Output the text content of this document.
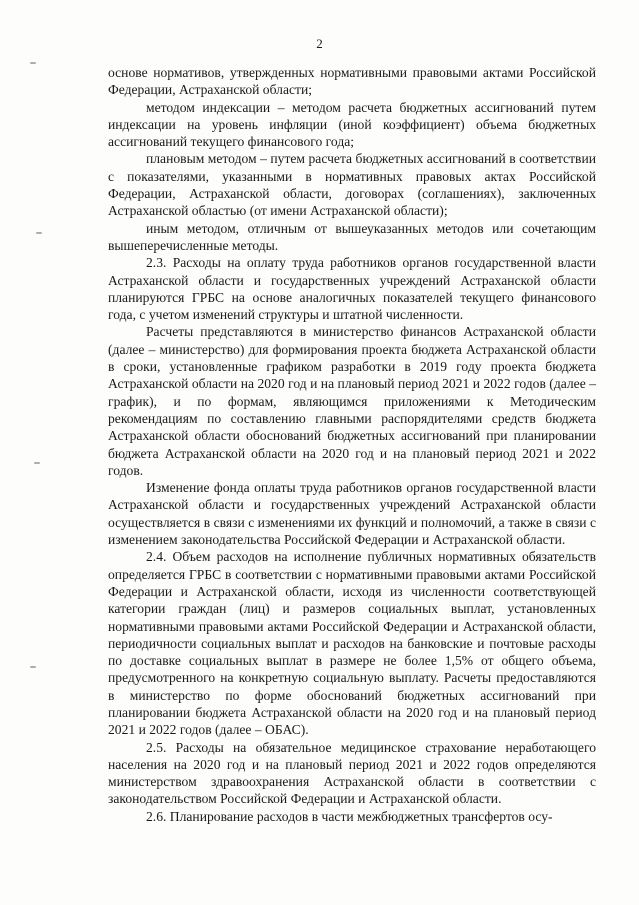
2

основе нормативов, утвержденных нормативными правовыми актами Российской Федерации, Астраханской области;

методом индексации – методом расчета бюджетных ассигнований путем индексации на уровень инфляции (иной коэффициент) объема бюджетных ассигнований текущего финансового года;

плановым методом – путем расчета бюджетных ассигнований в соответствии с показателями, указанными в нормативных правовых актах Российской Федерации, Астраханской области, договорах (соглашениях), заключенных Астраханской областью (от имени Астраханской области);

иным методом, отличным от вышеуказанных методов или сочетающим вышеперечисленные методы.

2.3. Расходы на оплату труда работников органов государственной власти Астраханской области и государственных учреждений Астраханской области планируются ГРБС на основе аналогичных показателей текущего финансового года, с учетом изменений структуры и штатной численности.

Расчеты представляются в министерство финансов Астраханской области (далее – министерство) для формирования проекта бюджета Астраханской области в сроки, установленные графиком разработки в 2019 году проекта бюджета Астраханской области на 2020 год и на плановый период 2021 и 2022 годов (далее – график), и по формам, являющимся приложениями к Методическим рекомендациям по составлению главными распорядителями средств бюджета Астраханской области обоснований бюджетных ассигнований при планировании бюджета Астраханской области на 2020 год и на плановый период 2021 и 2022 годов.

Изменение фонда оплаты труда работников органов государственной власти Астраханской области и государственных учреждений Астраханской области осуществляется в связи с изменениями их функций и полномочий, а также в связи с изменением законодательства Российской Федерации и Астраханской области.

2.4. Объем расходов на исполнение публичных нормативных обязательств определяется ГРБС в соответствии с нормативными правовыми актами Российской Федерации и Астраханской области, исходя из численности соответствующей категории граждан (лиц) и размеров социальных выплат, установленных нормативными правовыми актами Российской Федерации и Астраханской области, периодичности социальных выплат и расходов на банковские и почтовые расходы по доставке социальных выплат в размере не более 1,5% от общего объема, предусмотренного на конкретную социальную выплату. Расчеты предоставляются в министерство по форме обоснований бюджетных ассигнований при планировании бюджета Астраханской области на 2020 год и на плановый период 2021 и 2022 годов (далее – ОБАС).

2.5. Расходы на обязательное медицинское страхование неработающего населения на 2020 год и на плановый период 2021 и 2022 годов определяются министерством здравоохранения Астраханской области в соответствии с законодательством Российской Федерации и Астраханской области.

2.6. Планирование расходов в части межбюджетных трансфертов осу-
